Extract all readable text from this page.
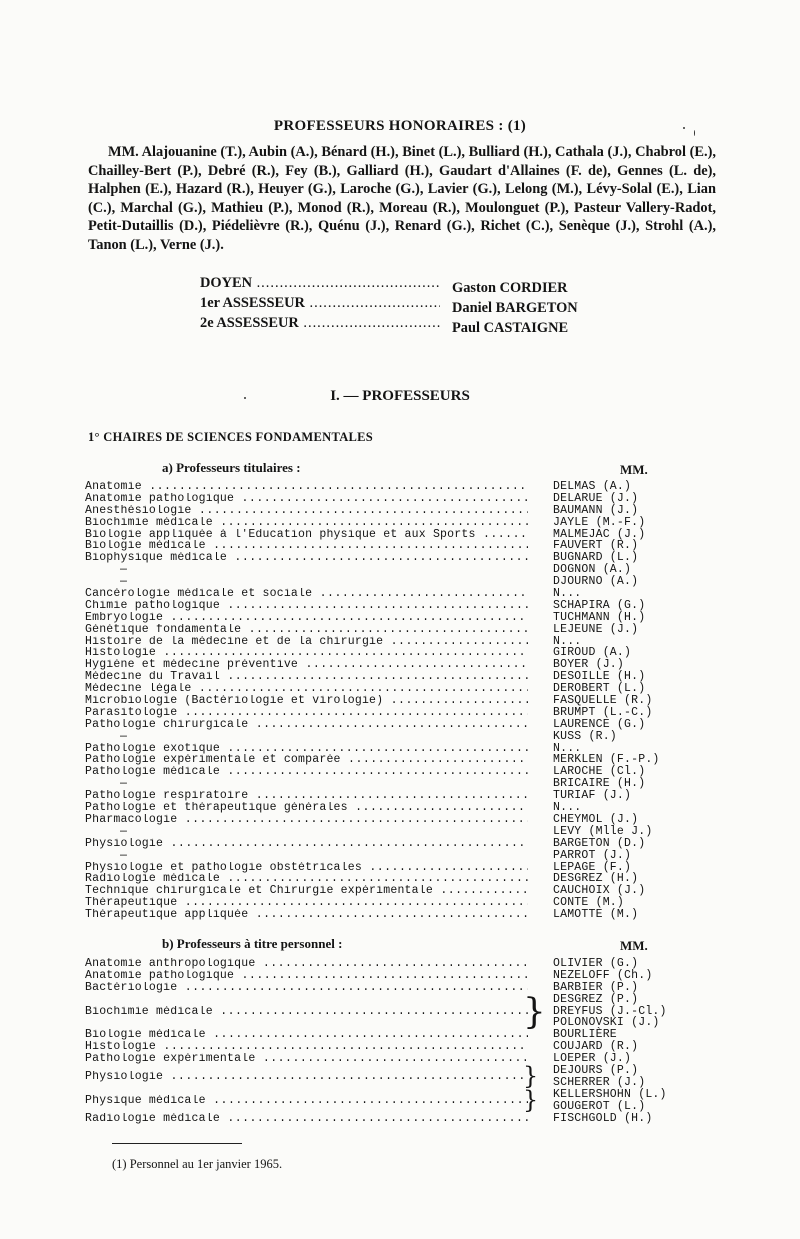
PROFESSEURS HONORAIRES : (1)
MM. Alajouanine (T.), Aubin (A.), Bénard (H.), Binet (L.), Bulliard (H.), Cathala (J.), Chabrol (E.), Chailley-Bert (P.), Debré (R.), Fey (B.), Galliard (H.), Gaudart d'Allaines (F. de), Gennes (L. de), Halphen (E.), Hazard (R.), Heuyer (G.), Laroche (G.), Lavier (G.), Lelong (M.), Lévy-Solal (E.), Lian (C.), Marchal (G.), Mathieu (P.), Monod (R.), Moreau (R.), Moulonguet (P.), Pasteur Vallery-Radot, Petit-Dutaillis (D.), Piédelièvre (R.), Quénu (J.), Renard (G.), Richet (C.), Senèque (J.), Strohl (A.), Tanon (L.), Verne (J.).
DOYEN .....	Gaston CORDIER
1er ASSESSEUR .....	Daniel BARGETON
2e ASSESSEUR .....	Paul CASTAIGNE
I. — PROFESSEURS
1° CHAIRES DE SCIENCES FONDAMENTALES
a) Professeurs titulaires :	MM.
Anatomie .....	DELMAS (A.)
Anatomie pathologique .....	DELARUE (J.)
Anesthésiologie .....	BAUMANN (J.)
Biochimie médicale .....	JAYLE (M.-F.)
Biologie appliquée à l'Education physique et aux Sports .....	MALMEJAC (J.)
Biologie médicale .....	FAUVERT (R.)
Biophysique médicale .....	BUGNARD (L.)
—	DOGNON (A.)
—	DJOURNO (A.)
Cancérologie médicale et sociale .....	N...
Chimie pathologique .....	SCHAPIRA (G.)
Embryologie .....	TUCHMANN (H.)
Génétique fondamentale .....	LEJEUNE (J.)
Histoire de la médecine et de la chirurgie .....	N...
Histologie .....	GIROUD (A.)
Hygiène et médecine préventive .....	BOYER (J.)
Médecine du Travail .....	DESOILLE (H.)
Médecine légale .....	DEROBERT (L.)
Microbiologie (Bactériologie et virologie) .....	FASQUELLE (R.)
Parasitologie .....	BRUMPT (L.-C.)
Pathologie chirurgicale .....	LAURENCE (G.)
—	KUSS (R.)
Pathologie exotique .....	N...
Pathologie expérimentale et comparée .....	MERKLEN (F.-P.)
Pathologie médicale .....	LAROCHE (Cl.)
—	BRICAIRE (H.)
Pathologie respiratoire .....	TURIAF (J.)
Pathologie et thérapeutique générales .....	N...
Pharmacologie .....	CHEYMOL (J.)
—	LEVY (Mlle J.)
Physiologie .....	BARGETON (D.)
—	PARROT (J.)
Physiologie et pathologie obstétricales .....	LEPAGE (F.)
Radiologie médicale .....	DESGREZ (H.)
Technique chirurgicale et Chirurgie expérimentale .....	CAUCHOIX (J.)
Thérapeutique .....	CONTE (M.)
Thérapeutique appliquée .....	LAMOTTE (M.)
b) Professeurs à titre personnel :	MM.
Anatomie anthropologique .....	OLIVIER (G.)
Anatomie pathologique .....	NEZELOFF (Ch.)
Bactériologie .....	BARBIER (P.)
Biochimie médicale .....	} DESGREZ (P.)
DREYFUS (J.-Cl.)
POLONOVSKI (J.)
Biologie médicale .....	BOURLIÈRE
Histologie .....	COUJARD (R.)
Pathologie expérimentale .....	LOEPER (J.)
Physiologie .....	} DEJOURS (P.)
SCHERRER (J.)
Physique médicale .....	} KELLERSHOHN (L.)
GOUGEROT (L.)
Radiologie médicale .....	FISCHGOLD (H.)
(1) Personnel au 1er janvier 1965.
